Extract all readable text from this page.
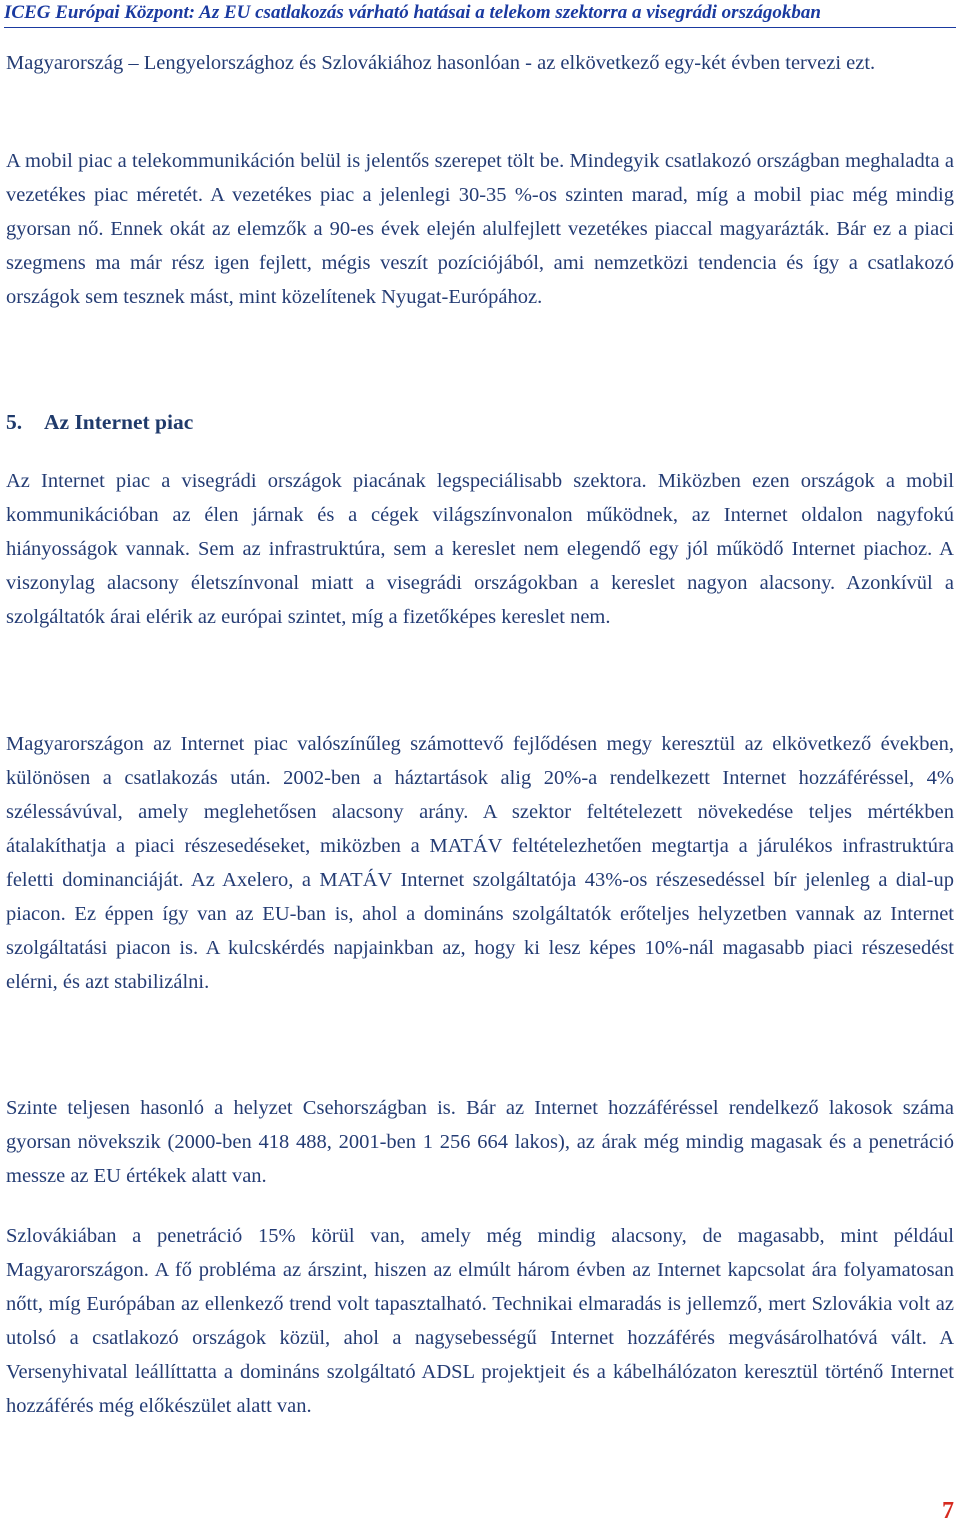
ICEG Európai Központ: Az EU csatlakozás várható hatásai a telekom szektorra a visegrádi országokban

Magyarország – Lengyelországhoz és Szlovákiához hasonlóan - az elkövetkező egy-két évben tervezi ezt.

A mobil piac a telekommunikáción belül is jelentős szerepet tölt be. Mindegyik csatlakozó országban meghaladta a vezetékes piac méretét. A vezetékes piac a jelenlegi 30-35 %-os szinten marad, míg a mobil piac még mindig gyorsan nő. Ennek okát az elemzők a 90-es évek elején alulfejlett vezetékes piaccal magyarázták. Bár ez a piaci szegmens ma már rész igen fejlett, mégis veszít pozíciójából, ami nemzetközi tendencia és így a csatlakozó országok sem tesznek mást, mint közelítenek Nyugat-Európához.

5. Az Internet piac

Az Internet piac a visegrádi országok piacának legspeciálisabb szektora. Miközben ezen országok a mobil kommunikációban az élen járnak és a cégek világszínvonalon működnek, az Internet oldalon nagyfokú hiányosságok vannak. Sem az infrastruktúra, sem a kereslet nem elegendő egy jól működő Internet piachoz. A viszonylag alacsony életszínvonal miatt a visegrádi országokban a kereslet nagyon alacsony. Azonkívül a szolgáltatók árai elérik az európai szintet, míg a fizetőképes kereslet nem.

Magyarországon az Internet piac valószínűleg számottevő fejlődésen megy keresztül az elkövetkező években, különösen a csatlakozás után. 2002-ben a háztartások alig 20%-a rendelkezett Internet hozzáféréssel, 4% szélessávúval, amely meglehetősen alacsony arány. A szektor feltételezett növekedése teljes mértékben átalakíthatja a piaci részesedéseket, miközben a MATÁV feltételezhetően megtartja a járulékos infrastruktúra feletti dominanciáját. Az Axelero, a MATÁV Internet szolgáltatója 43%-os részesedéssel bír jelenleg a dial-up piacon. Ez éppen így van az EU-ban is, ahol a domináns szolgáltatók erőteljes helyzetben vannak az Internet szolgáltatási piacon is. A kulcskérdés napjainkban az, hogy ki lesz képes 10%-nál magasabb piaci részesedést elérni, és azt stabilizálni.

Szinte teljesen hasonló a helyzet Csehországban is. Bár az Internet hozzáféréssel rendelkező lakosok száma gyorsan növekszik (2000-ben 418 488, 2001-ben 1 256 664 lakos), az árak még mindig magasak és a penetráció messze az EU értékek alatt van.

Szlovákiában a penetráció 15% körül van, amely még mindig alacsony, de magasabb, mint például Magyarországon. A fő probléma az árszint, hiszen az elmúlt három évben az Internet kapcsolat ára folyamatosan nőtt, míg Európában az ellenkező trend volt tapasztalható. Technikai elmaradás is jellemző, mert Szlovákia volt az utolsó a csatlakozó országok közül, ahol a nagysebességű Internet hozzáférés megvásárolhatóvá vált. A Versenyhivatal leállíttatta a domináns szolgáltató ADSL projektjeit és a kábelhálózaton keresztül történő Internet hozzáférés még előkészület alatt van.

7
